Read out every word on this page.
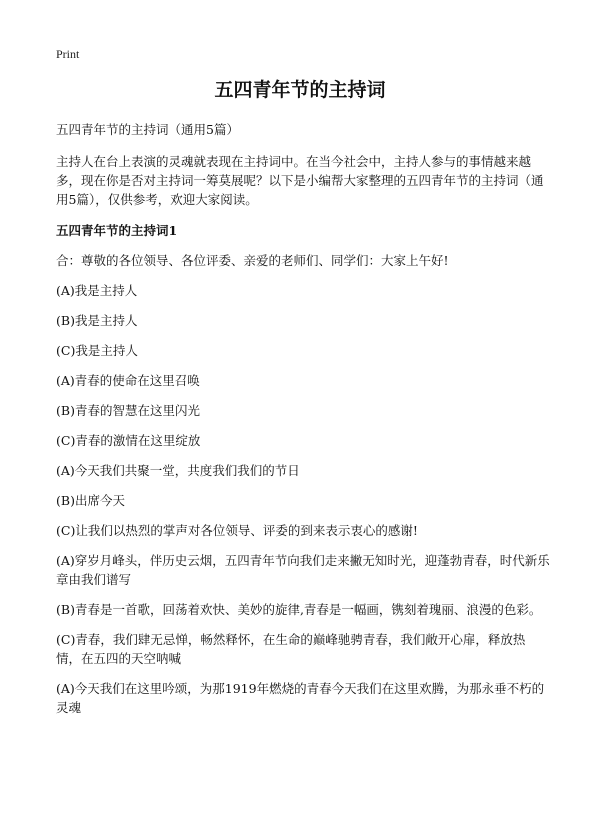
Print
五四青年节的主持词

五四青年节的主持词（通用5篇）

主持人在台上表演的灵魂就表现在主持词中。在当今社会中，主持人参与的事情越来越多，现在你是否对主持词一筹莫展呢？以下是小编帮大家整理的五四青年节的主持词（通用5篇），仅供参考，欢迎大家阅读。

五四青年节的主持词1

合：尊敬的各位领导、各位评委、亲爱的老师们、同学们：大家上午好!

(A)我是主持人

(B)我是主持人

(C)我是主持人

(A)青春的使命在这里召唤

(B)青春的智慧在这里闪光

(C)青春的激情在这里绽放

(A)今天我们共聚一堂，共度我们我们的节日

(B)出席今天

(C)让我们以热烈的掌声对各位领导、评委的到来表示衷心的感谢!

(A)穿岁月峰头，伴历史云烟，五四青年节向我们走来撇无知时光，迎蓬勃青春，时代新乐章由我们谱写

(B)青春是一首歌，回荡着欢快、美妙的旋律,青春是一幅画，镌刻着瑰丽、浪漫的色彩。

(C)青春，我们肆无忌惮，畅然释怀，在生命的巅峰驰骋青春，我们敞开心扉，释放热情，在五四的天空呐喊

(A)今天我们在这里吟颂，为那1919年燃烧的青春今天我们在这里欢腾，为那永垂不朽的灵魂
